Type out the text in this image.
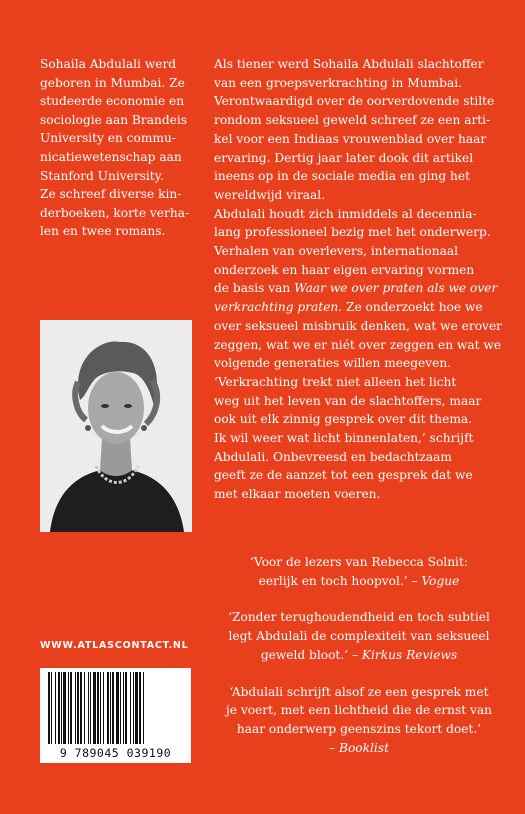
Sohaila Abdulali werd
geboren in Mumbai. Ze
studeerde economie en
sociologie aan Brandeis
University en commu-
nicatiewetenschap aan
Stanford University.
Ze schreef diverse kin-
derboeken, korte verha-
len en twee romans.

WWW.ATLASCONTACT.NL
9 789045 039190

Als tiener werd Sohaila Abdulali slachtoffer
van een groepsverkrachting in Mumbai.
Verontwaardigd over de oorverdovende stilte
rondom seksueel geweld schreef ze een arti-
kel voor een Indiaas vrouwenblad over haar
ervaring. Dertig jaar later dook dit artikel
ineens op in de sociale media en ging het
wereldwijd viraal.
Abdulali houdt zich inmiddels al decennia-
lang professioneel bezig met het onderwerp.
Verhalen van overlevers, internationaal
onderzoek en haar eigen ervaring vormen
de basis van Waar we over praten als we over
verkrachting praten. Ze onderzoekt hoe we
over seksueel misbruik denken, wat we erover
zeggen, wat we er niét over zeggen en wat we
volgende generaties willen meegeven.
‘Verkrachting trekt niet alleen het licht
weg uit het leven van de slachtoffers, maar
ook uit elk zinnig gesprek over dit thema.
Ik wil weer wat licht binnenlaten,’ schrijft
Abdulali. Onbevreesd en bedachtzaam
geeft ze de aanzet tot een gesprek dat we
met elkaar moeten voeren.

‘Voor de lezers van Rebecca Solnit:
eerlijk en toch hoopvol.’ – Vogue
‘Zonder terughoudendheid en toch subtiel
legt Abdulali de complexiteit van seksueel
geweld bloot.’ – Kirkus Reviews
‘Abdulali schrijft alsof ze een gesprek met
je voert, met een lichtheid die de ernst van
haar onderwerp geenszins tekort doet.’
– Booklist
